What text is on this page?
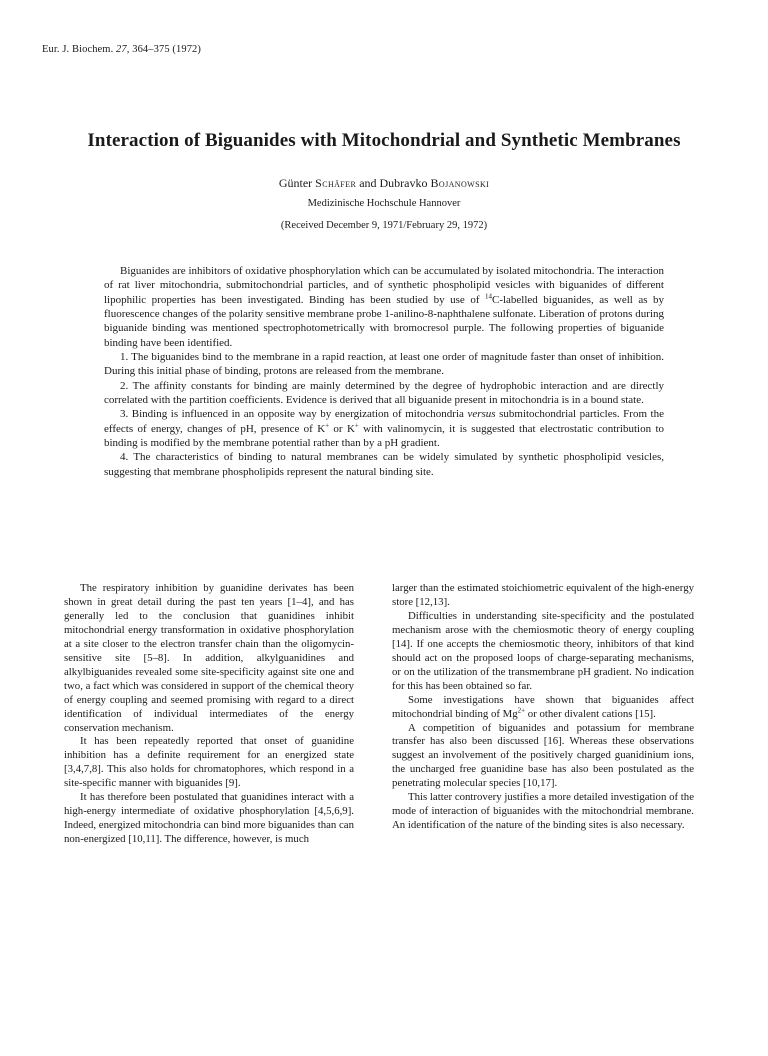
Eur. J. Biochem. 27, 364–375 (1972)
Interaction of Biguanides with Mitochondrial and Synthetic Membranes
Günter Schäfer and Dubravko Bojanowski
Medizinische Hochschule Hannover
(Received December 9, 1971/February 29, 1972)

Biguanides are inhibitors of oxidative phosphorylation which can be accumulated by isolated mitochondria. The interaction of rat liver mitochondria, submitochondrial particles, and of synthetic phospholipid vesicles with biguanides of different lipophilic properties has been investigated. Binding has been studied by use of $^{14}$C-labelled biguanides, as well as by fluorescence changes of the polarity sensitive membrane probe 1-anilino-8-naphthalene sulfonate. Liberation of protons during biguanide binding was mentioned spectrophotometrically with bromocresol purple. The following properties of biguanide binding have been identified.

1. The biguanides bind to the membrane in a rapid reaction, at least one order of magnitude faster than onset of inhibition. During this initial phase of binding, protons are released from the membrane.

2. The affinity constants for binding are mainly determined by the degree of hydrophobic interaction and are directly correlated with the partition coefficients. Evidence is derived that all biguanide present in mitochondria is in a bound state.

3. Binding is influenced in an opposite way by energization of mitochondria versus submitochondrial particles. From the effects of energy, changes of pH, presence of K+ or K+ with valinomycin, it is suggested that electrostatic contribution to binding is modified by the membrane potential rather than by a pH gradient.

4. The characteristics of binding to natural membranes can be widely simulated by synthetic phospholipid vesicles, suggesting that membrane phospholipids represent the natural binding site.

The respiratory inhibition by guanidine derivates has been shown in great detail during the past ten years [1–4], and has generally led to the conclusion that guanidines inhibit mitochondrial energy transformation in oxidative phosphorylation at a site closer to the electron transfer chain than the oligomycin-sensitive site [5–8]. In addition, alkylguanidines and alkylbiguanides revealed some site-specificity against site one and two, a fact which was considered in support of the chemical theory of energy coupling and seemed promising with regard to a direct identification of individual intermediates of the energy conservation mechanism.

It has been repeatedly reported that onset of guanidine inhibition has a definite requirement for an energized state [3,4,7,8]. This also holds for chromatophores, which respond in a site-specific manner with biguanides [9].

It has therefore been postulated that guanidines interact with a high-energy intermediate of oxidative phosphorylation [4,5,6,9]. Indeed, energized mitochondria can bind more biguanides than can non-energized [10,11]. The difference, however, is much

larger than the estimated stoichiometric equivalent of the high-energy store [12,13].

Difficulties in understanding site-specificity and the postulated mechanism arose with the chemiosmotic theory of energy coupling [14]. If one accepts the chemiosmotic theory, inhibitors of that kind should act on the proposed loops of charge-separating mechanisms, or on the utilization of the transmembrane pH gradient. No indication for this has been obtained so far.

Some investigations have shown that biguanides affect mitochondrial binding of $Mg^{2+}$ or other divalent cations [15].

A competition of biguanides and potassium for membrane transfer has also been discussed [16]. Whereas these observations suggest an involvement of the positively charged guanidinium ions, the uncharged free guanidine base has also been postulated as the penetrating molecular species [10,17].

This latter controvery justifies a more detailed investigation of the mode of interaction of biguanides with the mitochondrial membrane. An identification of the nature of the binding sites is also necessary.
